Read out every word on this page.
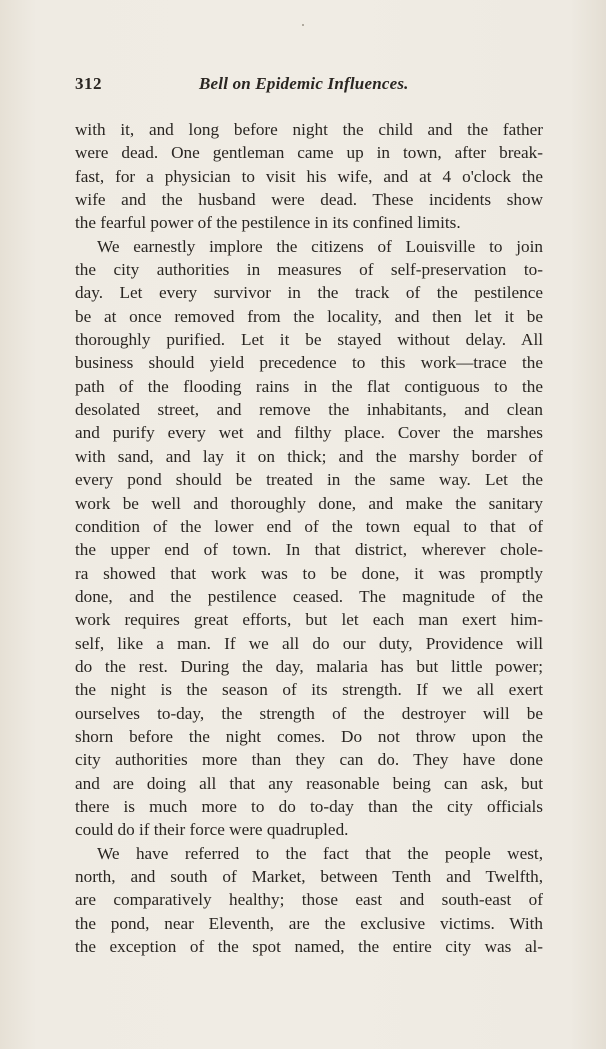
312	Bell on Epidemic Influences.
with it, and long before night the child and the father
were dead. One gentleman came up in town, after break-
fast, for a physician to visit his wife, and at 4 o'clock the
wife and the husband were dead. These incidents show
the fearful power of the pestilence in its confined limits.
We earnestly implore the citizens of Louisville to join
the city authorities in measures of self-preservation to-
day. Let every survivor in the track of the pestilence
be at once removed from the locality, and then let it be
thoroughly purified. Let it be stayed without delay. All
business should yield precedence to this work—trace the
path of the flooding rains in the flat contiguous to the
desolated street, and remove the inhabitants, and clean
and purify every wet and filthy place. Cover the marshes
with sand, and lay it on thick; and the marshy border of
every pond should be treated in the same way. Let the
work be well and thoroughly done, and make the sanitary
condition of the lower end of the town equal to that of
the upper end of town. In that district, wherever chole-
ra showed that work was to be done, it was promptly
done, and the pestilence ceased. The magnitude of the
work requires great efforts, but let each man exert him-
self, like a man. If we all do our duty, Providence will
do the rest. During the day, malaria has but little power;
the night is the season of its strength. If we all exert
ourselves to-day, the strength of the destroyer will be
shorn before the night comes. Do not throw upon the
city authorities more than they can do. They have done
and are doing all that any reasonable being can ask, but
there is much more to do to-day than the city officials
could do if their force were quadrupled.
We have referred to the fact that the people west,
north, and south of Market, between Tenth and Twelfth,
are comparatively healthy; those east and south-east of
the pond, near Eleventh, are the exclusive victims. With
the exception of the spot named, the entire city was al-
